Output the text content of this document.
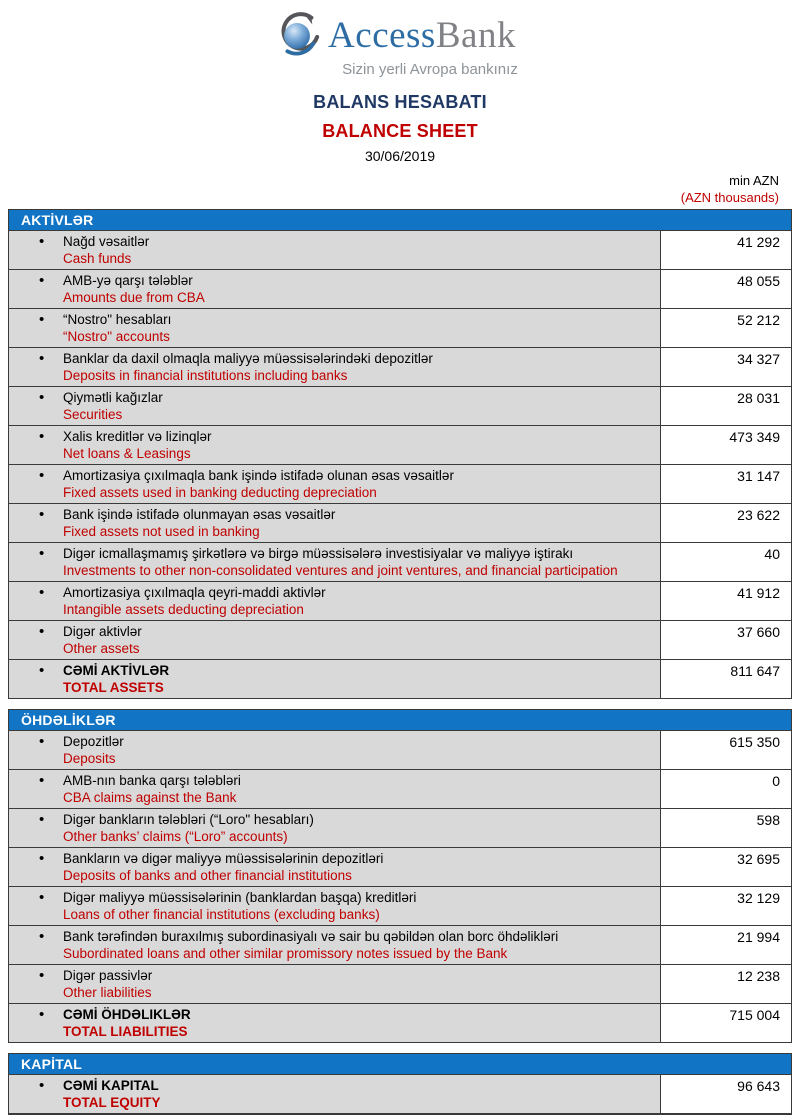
AccessBank
Sizin yerli Avropa bankınız
BALANS HESABATI
BALANCE SHEET
30/06/2019
min AZN
(AZN thousands)
AKTİVLƏR
• Nağd vəsaitlər
Cash funds
41 292
• AMB-yə qarşı tələblər
Amounts due from CBA
48 055
• “Nostro" hesabları
“Nostro" accounts
52 212
• Banklar da daxil olmaqla maliyyə müəssisələrindəki depozitlər
Deposits in financial institutions including banks
34 327
• Qiymətli kağızlar
Securities
28 031
• Xalis kreditlər və lizinqlər
Net loans & Leasings
473 349
• Amortizasiya çıxılmaqla bank işində istifadə olunan əsas vəsaitlər
Fixed assets used in banking deducting depreciation
31 147
• Bank işində istifadə olunmayan əsas vəsaitlər
Fixed assets not used in banking
23 622
• Digər icmallaşmamış şirkətlərə və birgə müəssisələrə investisiyalar və maliyyə iştirakı
Investments to other non-consolidated ventures and joint ventures, and financial participation
40
• Amortizasiya çıxılmaqla qeyri-maddi aktivlər
Intangible assets deducting depreciation
41 912
• Digər aktivlər
Other assets
37 660
• CƏMİ AKTİVLƏR
TOTAL ASSETS
811 647
ÖHDƏLİKLƏR
• Depozitlər
Deposits
615 350
• AMB-nın banka qarşı tələbləri
CBA claims against the Bank
0
• Digər bankların tələbləri (“Loro" hesabları)
Other banks’ claims (“Loro” accounts)
598
• Bankların və digər maliyyə müəssisələrinin depozitləri
Deposits of banks and other financial institutions
32 695
• Digər maliyyə müəssisələrinin (banklardan başqa) kreditləri
Loans of other financial institutions (excluding banks)
32 129
• Bank tərəfindən buraxılmış subordinasiyalı və sair bu qəbildən olan borc öhdəlikləri
Subordinated loans and other similar promissory notes issued by the Bank
21 994
• Digər passivlər
Other liabilities
12 238
• CƏMİ ÖHDƏLIKLƏR
TOTAL LIABILITIES
715 004
KAPİTAL
• CƏMİ KAPITAL
TOTAL EQUITY
96 643
